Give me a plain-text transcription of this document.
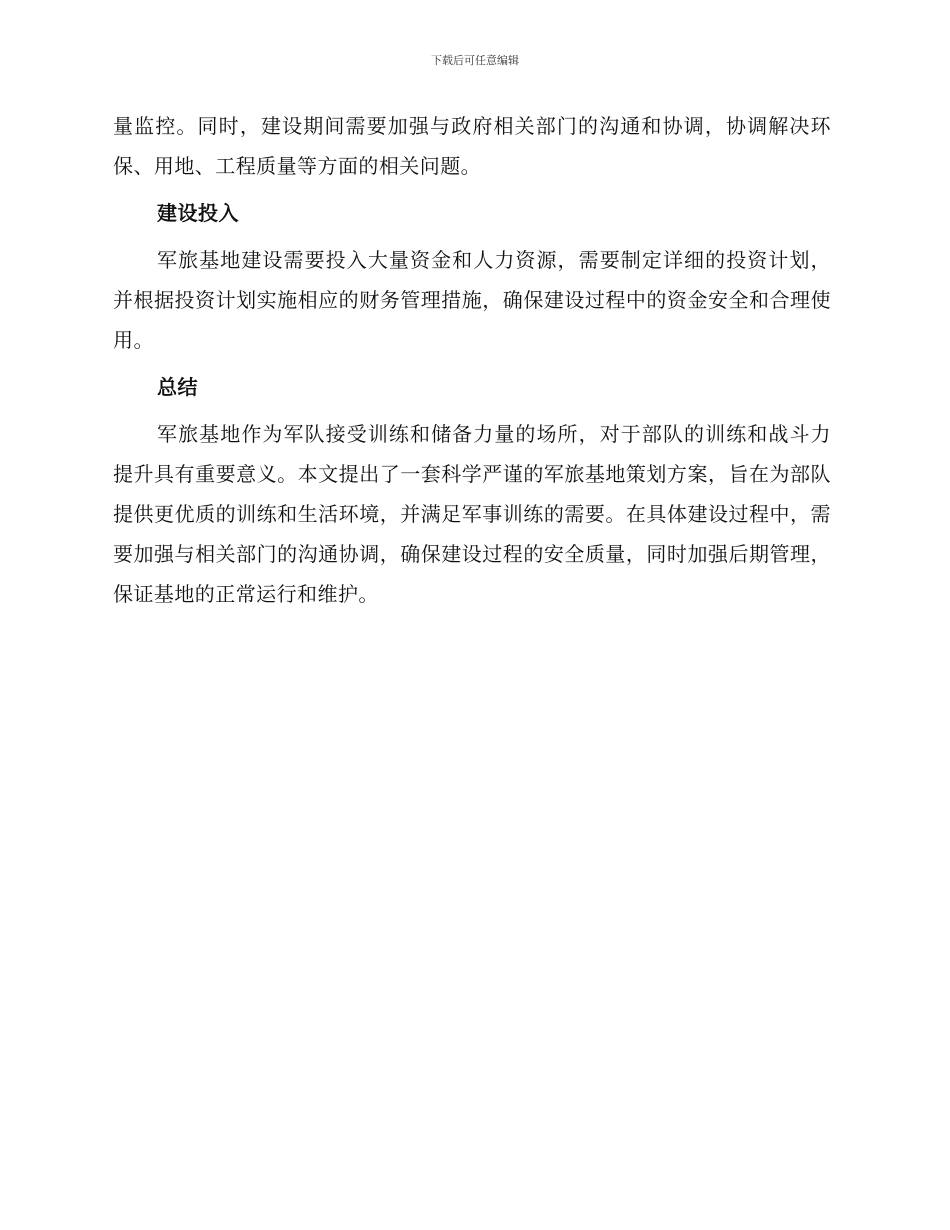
下载后可任意编辑

量监控。同时，建设期间需要加强与政府相关部门的沟通和协调，协调解决环保、用地、工程质量等方面的相关问题。

建设投入

军旅基地建设需要投入大量资金和人力资源，需要制定详细的投资计划，并根据投资计划实施相应的财务管理措施，确保建设过程中的资金安全和合理使用。

总结

军旅基地作为军队接受训练和储备力量的场所，对于部队的训练和战斗力提升具有重要意义。本文提出了一套科学严谨的军旅基地策划方案，旨在为部队提供更优质的训练和生活环境，并满足军事训练的需要。在具体建设过程中，需要加强与相关部门的沟通协调，确保建设过程的安全质量，同时加强后期管理，保证基地的正常运行和维护。
